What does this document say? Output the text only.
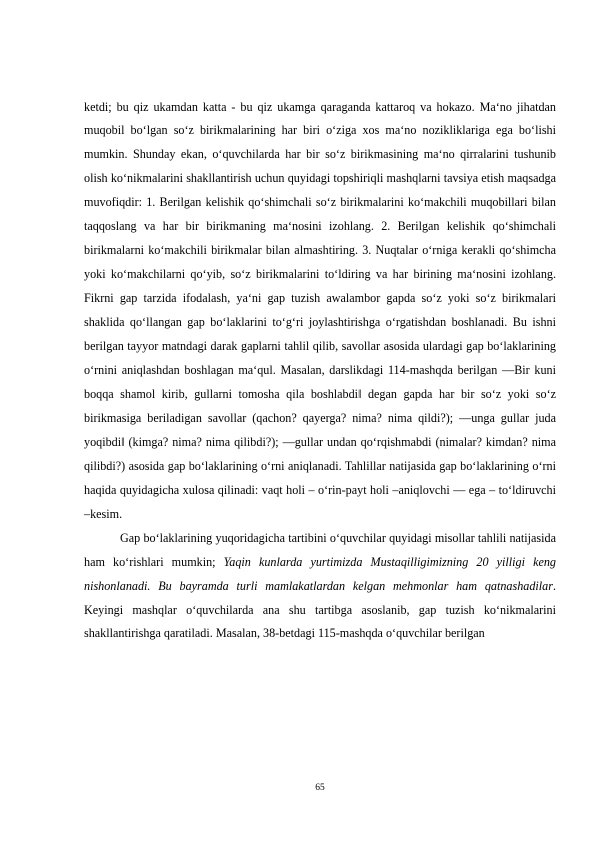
ketdi; bu qiz ukamdan katta - bu qiz ukamga qaraganda kattaroq va hokazo. Ma‘no jihatdan muqobil bo‘lgan so‘z birikmalarining har biri o‘ziga xos ma‘no nozikliklariga ega bo‘lishi mumkin. Shunday ekan, o‘quvchilarda har bir so‘z birikmasining ma‘no qirralarini tushunib olish ko‘nikmalarini shakllantirish uchun quyidagi topshiriqli mashqlarni tavsiya etish maqsadga muvofiqdir: 1. Berilgan kelishik qo‘shimchali so‘z birikmalarini ko‘makchili muqobillari bilan taqqoslang va har bir birikmaning ma‘nosini izohlang. 2. Berilgan kelishik qo‘shimchali birikmalarni ko‘makchili birikmalar bilan almashtiring. 3. Nuqtalar o‘rniga kerakli qo‘shimcha yoki ko‘makchilarni qo‘yib, so‘z birikmalarini to‘ldiring va har birining ma‘nosini izohlang. Fikrni gap tarzida ifodalash, ya‘ni gap tuzish awalambor gapda so‘z yoki so‘z birikmalari shaklida qo‘llangan gap bo‘laklarini to‘g‘ri joylashtirishga o‘rgatishdan boshlanadi. Bu ishni berilgan tayyor matndagi darak gaplarni tahlil qilib, savollar asosida ulardagi gap bo‘laklarining o‘rnini aniqlashdan boshlagan ma‘qul. Masalan, darslikdagi 114-mashqda berilgan ―Bir kuni boqqa shamol kirib, gullarni tomosha qila boshlabdi‖ degan gapda har bir so‘z yoki so‘z birikmasiga beriladigan savollar (qachon? qayerga? nima? nima qildi?); ―unga gullar juda yoqibdi‖ (kimga? nima? nima qilibdi?); ―gullar undan qo‘rqishmabdi (nimalar? kimdan? nima qilibdi?) asosida gap bo‘laklarining o‘rni aniqlanadi. Tahlillar natijasida gap bo‘laklarining o‘rni haqida quyidagicha xulosa qilinadi: vaqt holi – o‘rin-payt holi –aniqlovchi — ega – to‘ldiruvchi –kesim.

Gap bo‘laklarining yuqoridagicha tartibini o‘quvchilar quyidagi misollar tahlili natijasida ham ko‘rishlari mumkin; Yaqin kunlarda yurtimizda Mustaqilligimizning 20 yilligi keng nishonlanadi. Bu bayramda turli mamlakatlardan kelgan mehmonlar ham qatnashadilar. Keyingi mashqlar o‘quvchilarda ana shu tartibga asoslanib, gap tuzish ko‘nikmalarini shakllantirishga qaratiladi. Masalan, 38-betdagi 115-mashqda o‘quvchilar berilgan

65
